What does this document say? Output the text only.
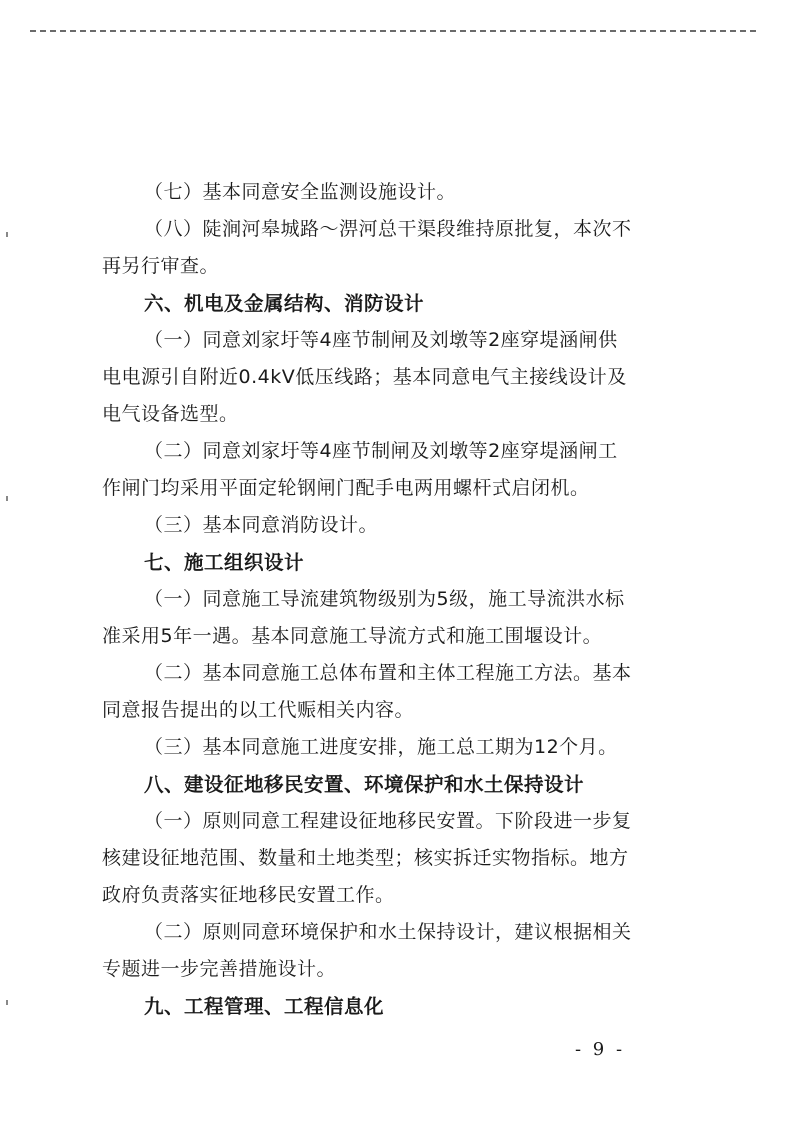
（七）基本同意安全监测设施设计。
（八）陡涧河皋城路～淠河总干渠段维持原批复，本次不
再另行审查。
六、机电及金属结构、消防设计
（一）同意刘家圩等4座节制闸及刘墩等2座穿堤涵闸供
电电源引自附近0.4kV低压线路；基本同意电气主接线设计及
电气设备选型。
（二）同意刘家圩等4座节制闸及刘墩等2座穿堤涵闸工
作闸门均采用平面定轮钢闸门配手电两用螺杆式启闭机。
（三）基本同意消防设计。
七、施工组织设计
（一）同意施工导流建筑物级别为5级，施工导流洪水标
准采用5年一遇。基本同意施工导流方式和施工围堰设计。
（二）基本同意施工总体布置和主体工程施工方法。基本
同意报告提出的以工代赈相关内容。
（三）基本同意施工进度安排，施工总工期为12个月。
八、建设征地移民安置、环境保护和水土保持设计
（一）原则同意工程建设征地移民安置。下阶段进一步复
核建设征地范围、数量和土地类型；核实拆迁实物指标。地方
政府负责落实征地移民安置工作。
（二）原则同意环境保护和水土保持设计，建议根据相关
专题进一步完善措施设计。
九、工程管理、工程信息化
- 9 -
